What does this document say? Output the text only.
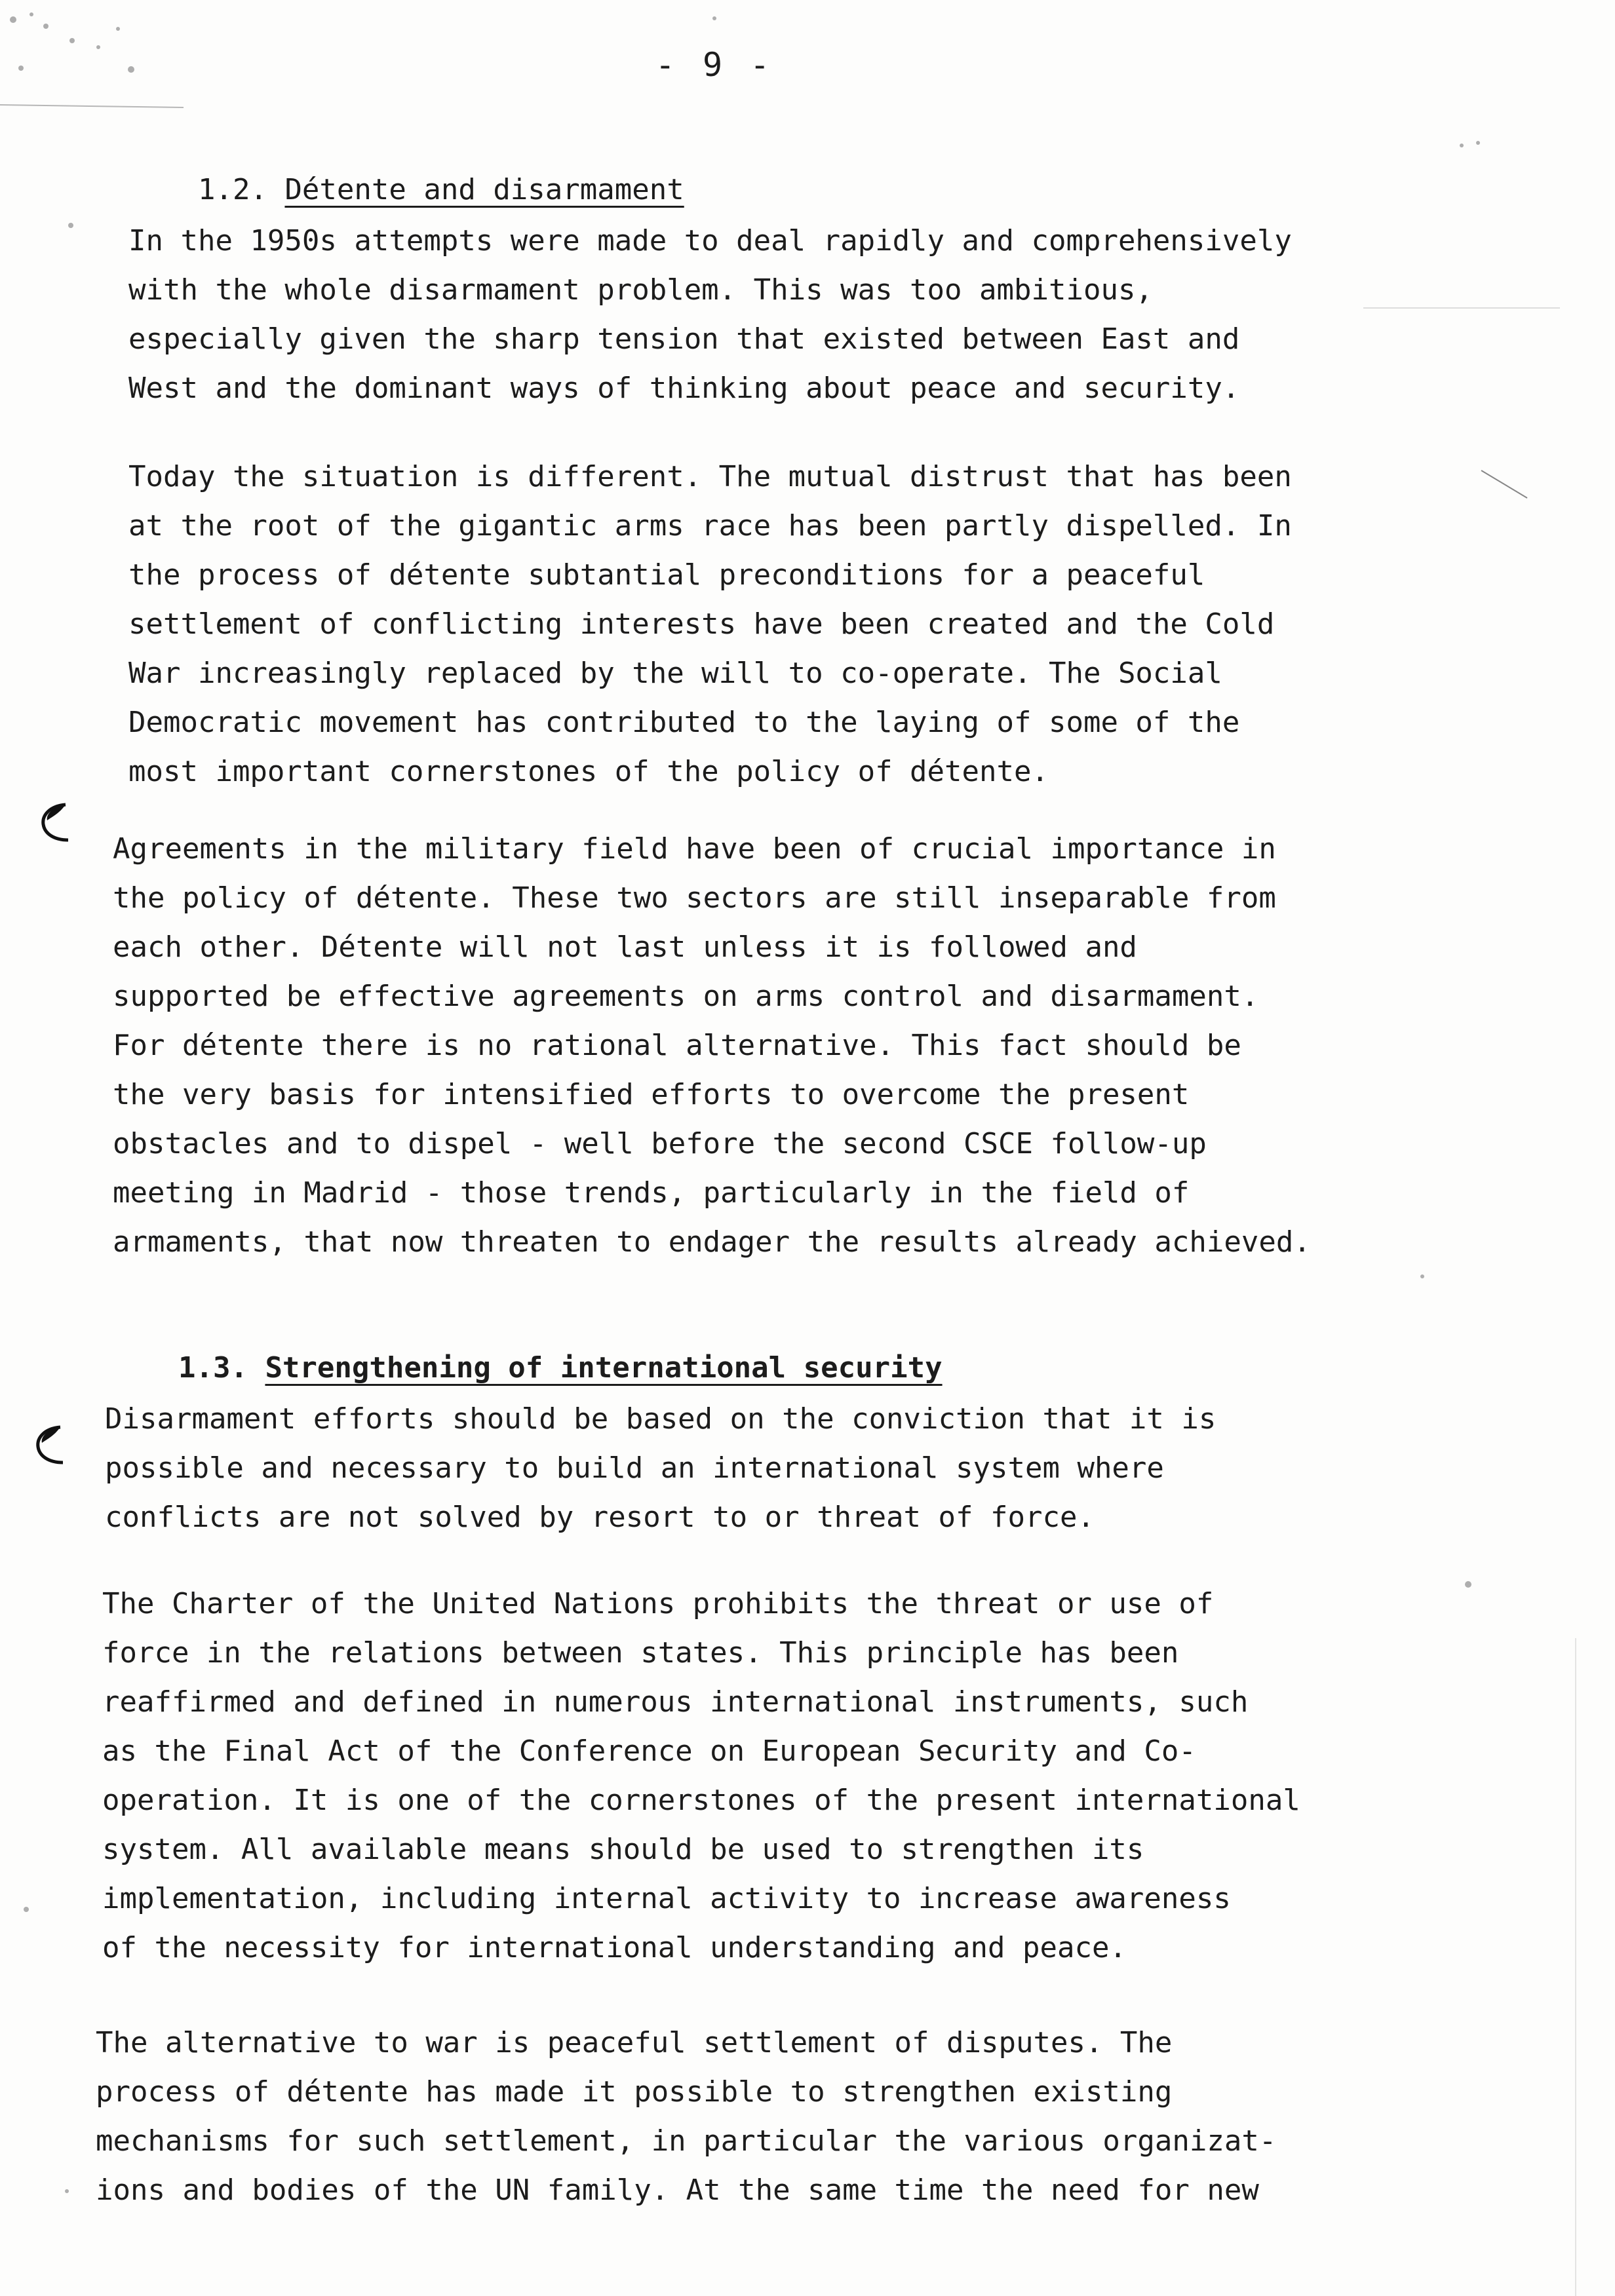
- 9 -

1.2. Détente and disarmament

In the 1950s attempts were made to deal rapidly and comprehensively
with the whole disarmament problem. This was too ambitious,
especially given the sharp tension that existed between East and
West and the dominant ways of thinking about peace and security.
Today the situation is different. The mutual distrust that has been
at the root of the gigantic arms race has been partly dispelled. In
the process of détente subtantial preconditions for a peaceful
settlement of conflicting interests have been created and the Cold
War increasingly replaced by the will to co-operate. The Social
Democratic movement has contributed to the laying of some of the
most important cornerstones of the policy of détente.
Agreements in the military field have been of crucial importance in
the policy of détente. These two sectors are still inseparable from
each other. Détente will not last unless it is followed and
supported be effective agreements on arms control and disarmament.
For détente there is no rational alternative. This fact should be
the very basis for intensified efforts to overcome the present
obstacles and to dispel - well before the second CSCE follow-up
meeting in Madrid - those trends, particularly in the field of
armaments, that now threaten to endager the results already achieved.

1.3. Strengthening of international security

Disarmament efforts should be based on the conviction that it is
possible and necessary to build an international system where
conflicts are not solved by resort to or threat of force.
The Charter of the United Nations prohibits the threat or use of
force in the relations between states. This principle has been
reaffirmed and defined in numerous international instruments, such
as the Final Act of the Conference on European Security and Co-
operation. It is one of the cornerstones of the present international
system. All available means should be used to strengthen its
implementation, including internal activity to increase awareness
of the necessity for international understanding and peace.
The alternative to war is peaceful settlement of disputes. The
process of détente has made it possible to strengthen existing
mechanisms for such settlement, in particular the various organizat-
ions and bodies of the UN family. At the same time the need for new
